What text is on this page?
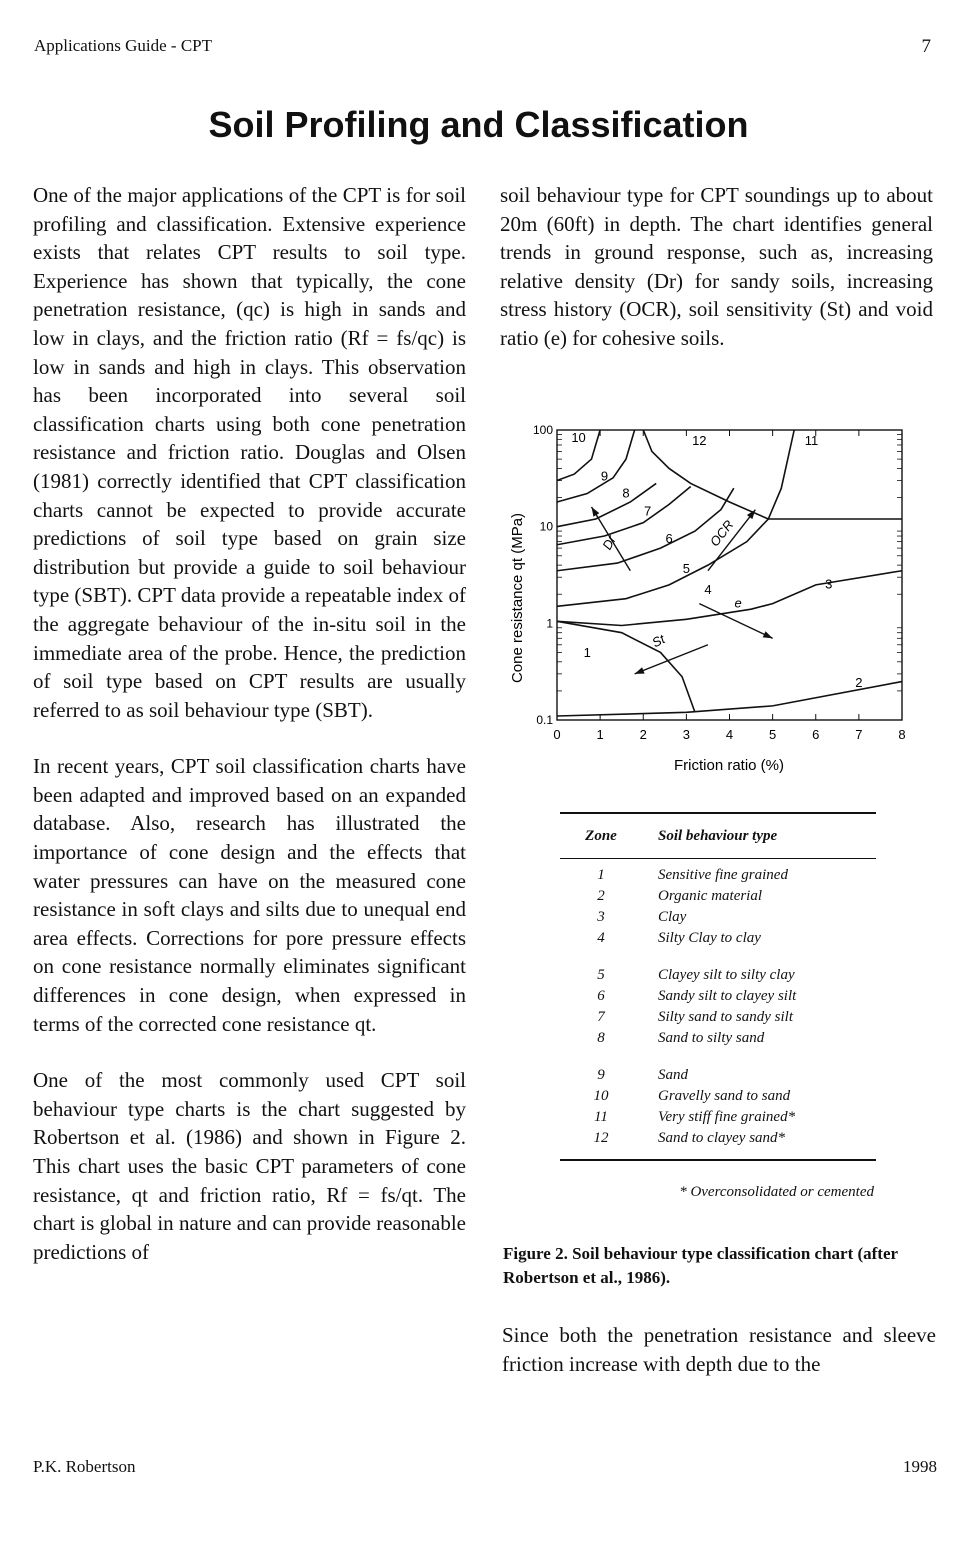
Applications Guide - CPT	7
Soil Profiling and Classification

One of the major applications of the CPT is for soil profiling and classification. Extensive experience exists that relates CPT results to soil type. Experience has shown that typically, the cone penetration resistance, (qc) is high in sands and low in clays, and the friction ratio (Rf = fs/qc) is low in sands and high in clays. This observation has been incorporated into several soil classification charts using both cone penetration resistance and friction ratio. Douglas and Olsen (1981) correctly identified that CPT classification charts cannot be expected to provide accurate predictions of soil type based on grain size distribution but provide a guide to soil behaviour type (SBT). CPT data provide a repeatable index of the aggregate behaviour of the in-situ soil in the immediate area of the probe. Hence, the prediction of soil type based on CPT results are usually referred to as soil behaviour type (SBT).

In recent years, CPT soil classification charts have been adapted and improved based on an expanded database. Also, research has illustrated the importance of cone design and the effects that water pressures can have on the measured cone resistance in soft clays and silts due to unequal end area effects. Corrections for pore pressure effects on cone resistance normally eliminates significant differences in cone design, when expressed in terms of the corrected cone resistance qt.

One of the most commonly used CPT soil behaviour type charts is the chart suggested by Robertson et al. (1986) and shown in Figure 2. This chart uses the basic CPT parameters of cone resistance, qt and friction ratio, Rf = fs/qt. The chart is global in nature and can provide reasonable predictions of

soil behaviour type for CPT soundings up to about 20m (60ft) in depth. The chart identifies general trends in ground response, such as, increasing relative density (Dr) for sandy soils, increasing stress history (OCR), soil sensitivity (St) and void ratio (e) for cohesive soils.

Cone resistance qt (MPa)
Friction ratio (%)
0	1	2	3	4	5	6	7	8
0.1
1
10
100
1
2
3
4
5
6
7
8
9
10	11
12
Dr	OCR
St
e
Zone	Soil behaviour type
1	Sensitive fine grained
2	Organic material
3	Clay
4	Silty Clay to clay
5	Clayey silt to silty clay
6	Sandy silt to clayey silt
7	Silty sand to sandy silt
8	Sand to silty sand
9	Sand
10	Gravelly sand to sand
11	Very stiff fine grained*
12	Sand to clayey sand*
* Overconsolidated or cemented
Figure 2. Soil behaviour type classification chart (after Robertson et al., 1986).

Since both the penetration resistance and sleeve friction increase with depth due to the

P.K. Robertson	1998
